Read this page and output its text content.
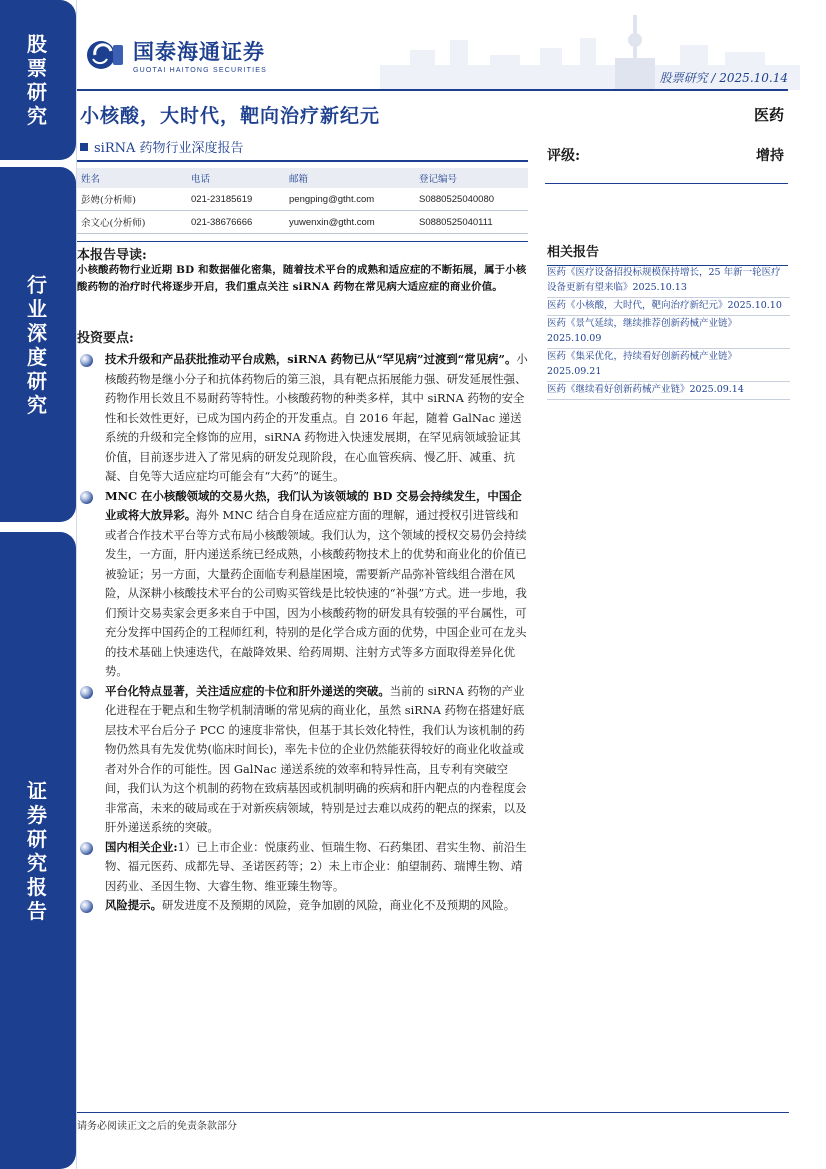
股票研究
行业深度研究
证券研究报告
国泰海通证券
GUOTAI HAITONG SECURITIES
股票研究 / 2025.10.14
小核酸，大时代，靶向治疗新纪元	医药
siRNA 药物行业深度报告	评级:	增持
姓名	电话	邮箱	登记编号
彭娉(分析师)	021-23185619	pengping@gtht.com	S0880525040080
余文心(分析师)	021-38676666	yuwenxin@gtht.com	S0880525040111
本报告导读:
小核酸药物行业近期 BD 和数据催化密集，随着技术平台的成熟和适应症的不断拓展，属于小核酸药物的治疗时代将逐步开启，我们重点关注 siRNA 药物在常见病大适应症的商业价值。
投资要点:
技术升级和产品获批推动平台成熟，siRNA 药物已从“罕见病”过渡到“常见病”。小核酸药物是继小分子和抗体药物后的第三浪，具有靶点拓展能力强、研发延展性强、药物作用长效且不易耐药等特性。小核酸药物的种类多样，其中 siRNA 药物的安全性和长效性更好，已成为国内药企的开发重点。自 2016 年起，随着 GalNac 递送系统的升级和完全修饰的应用，siRNA 药物进入快速发展期，在罕见病领域验证其价值，目前逐步进入了常见病的研发兑现阶段，在心血管疾病、慢乙肝、减重、抗凝、自免等大适应症均可能会有“大药”的诞生。
MNC 在小核酸领域的交易火热，我们认为该领域的 BD 交易会持续发生，中国企业或将大放异彩。海外 MNC 结合自身在适应症方面的理解，通过授权引进管线和或者合作技术平台等方式布局小核酸领域。我们认为，这个领域的授权交易仍会持续发生，一方面，肝内递送系统已经成熟，小核酸药物技术上的优势和商业化的价值已被验证；另一方面，大量药企面临专利悬崖困境，需要新产品弥补管线组合潜在风险，从深耕小核酸技术平台的公司购买管线是比较快速的“补强”方式。进一步地，我们预计交易卖家会更多来自于中国，因为小核酸药物的研发具有较强的平台属性，可充分发挥中国药企的工程师红利，特别的是化学合成方面的优势，中国企业可在龙头的技术基础上快速迭代，在敲降效果、给药周期、注射方式等多方面取得差异化优势。
平台化特点显著，关注适应症的卡位和肝外递送的突破。当前的 siRNA 药物的产业化进程在于靶点和生物学机制清晰的常见病的商业化，虽然 siRNA 药物在搭建好底层技术平台后分子 PCC 的速度非常快，但基于其长效化特性，我们认为该机制的药物仍然具有先发优势(临床时间长)，率先卡位的企业仍然能获得较好的商业化收益或者对外合作的可能性。因 GalNac 递送系统的效率和特异性高，且专利有突破空间，我们认为这个机制的药物在致病基因或机制明确的疾病和肝内靶点的内卷程度会非常高，未来的破局或在于对新疾病领域，特别是过去难以成药的靶点的探索，以及肝外递送系统的突破。
国内相关企业:1）已上市企业：悦康药业、恒瑞生物、石药集团、君实生物、前沿生物、福元医药、成都先导、圣诺医药等；2）未上市企业：舶望制药、瑞博生物、靖因药业、圣因生物、大睿生物、维亚臻生物等。
风险提示。研发进度不及预期的风险，竞争加剧的风险，商业化不及预期的风险。
相关报告
医药《医疗设备招投标规模保持增长，25 年新一轮医疗设备更新有望来临》2025.10.13
医药《小核酸，大时代，靶向治疗新纪元》2025.10.10
医药《景气延续，继续推荐创新药械产业链》2025.10.09
医药《集采优化，持续看好创新药械产业链》2025.09.21
医药《继续看好创新药械产业链》2025.09.14
请务必阅读正文之后的免责条款部分
